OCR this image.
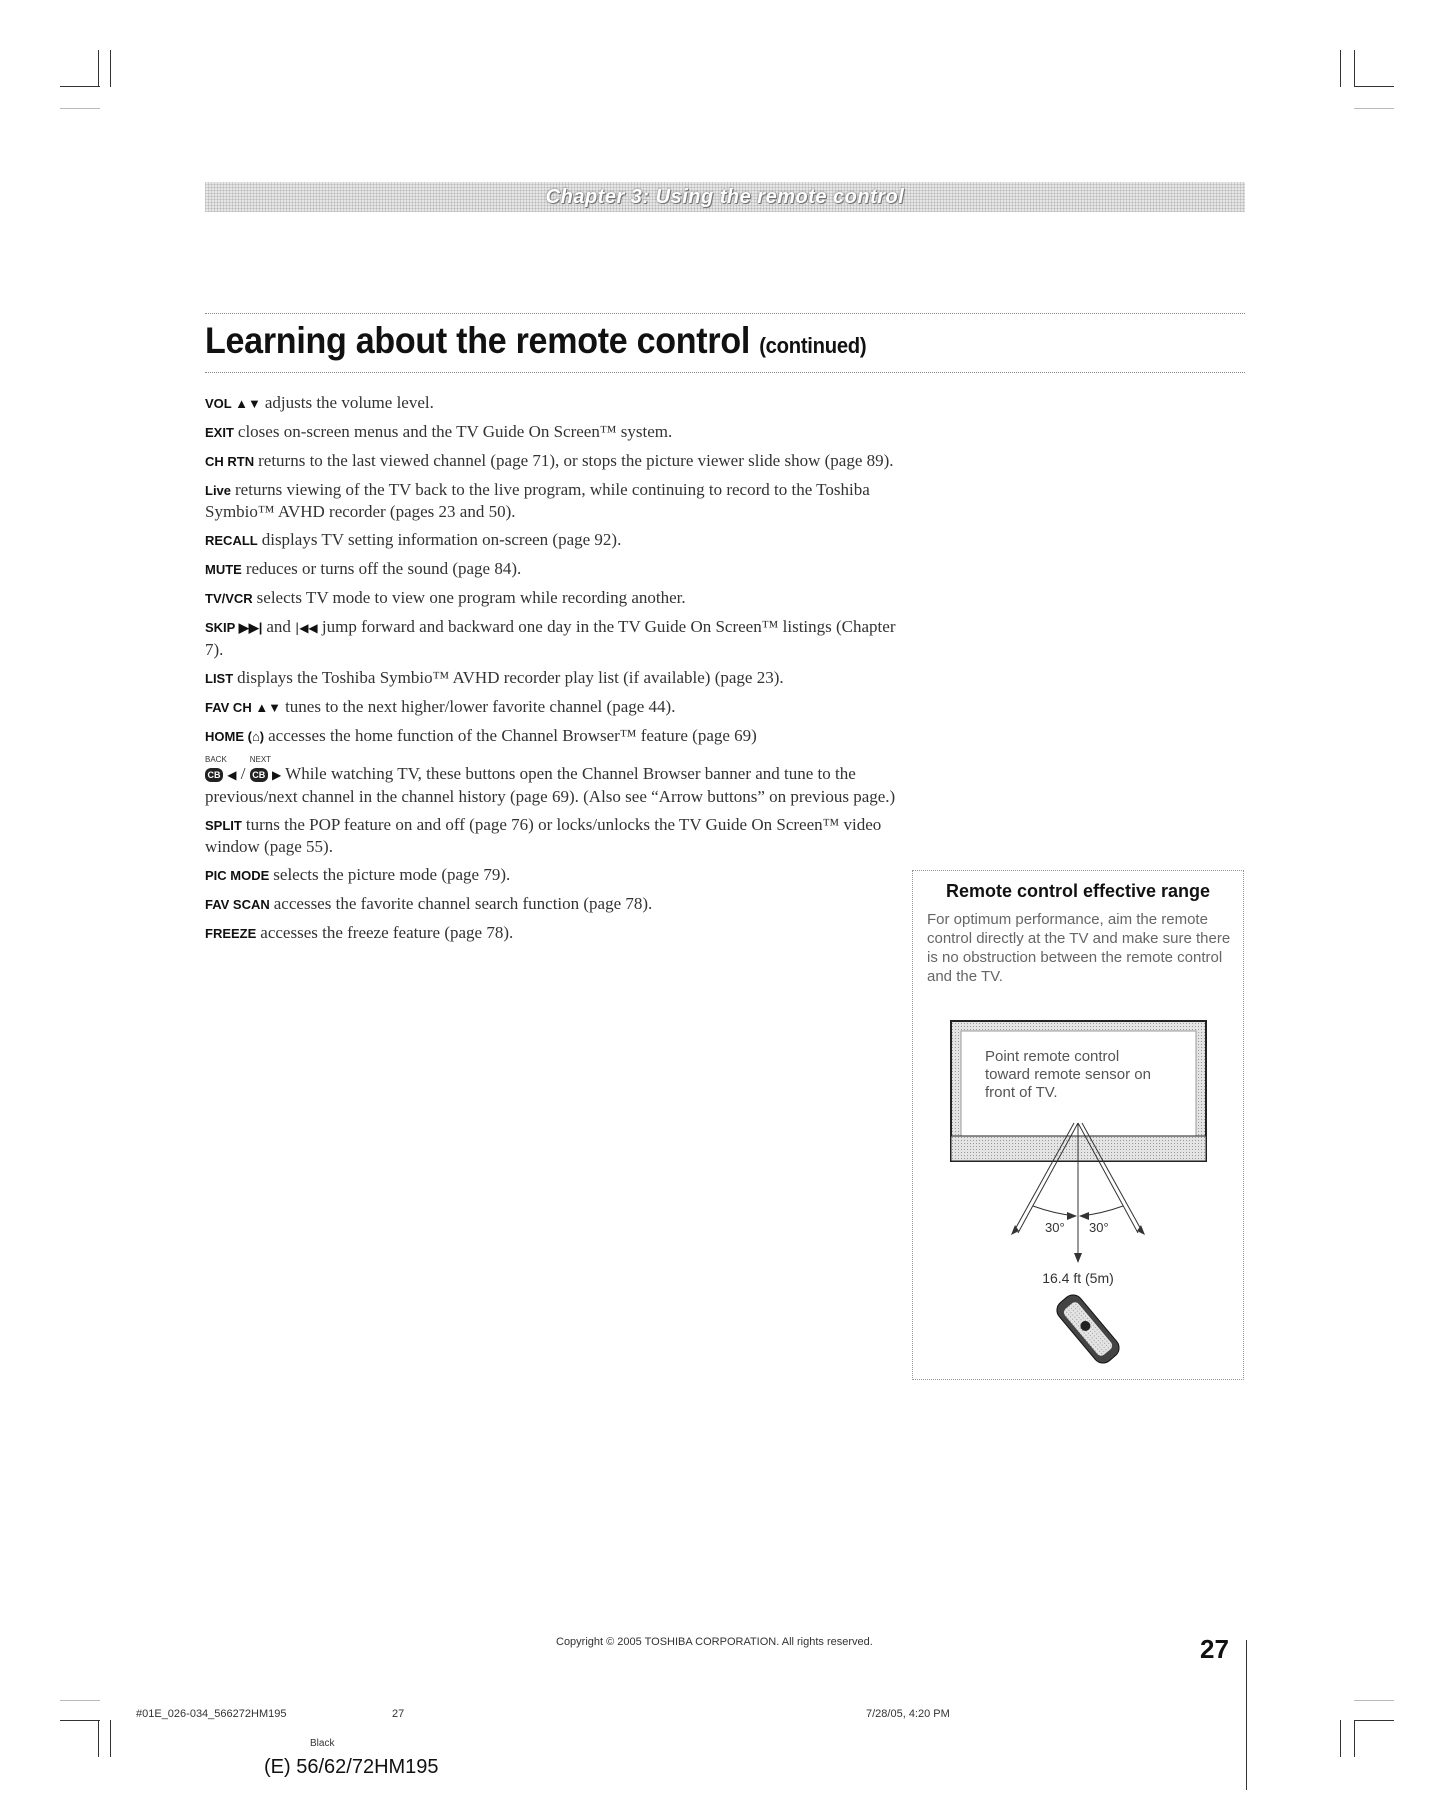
Chapter 3: Using the remote control
Learning about the remote control (continued)

VOL ▲▼ adjusts the volume level.

EXIT closes on-screen menus and the TV Guide On Screen™ system.

CH RTN returns to the last viewed channel (page 71), or stops the picture viewer slide show (page 89).

Live returns viewing of the TV back to the live program, while continuing to record to the Toshiba Symbio™ AVHD recorder (pages 23 and 50).

RECALL displays TV setting information on-screen (page 92).

MUTE reduces or turns off the sound (page 84).

TV/VCR selects TV mode to view one program while recording another.

SKIP ▶▶| and |◀◀ jump forward and backward one day in the TV Guide On Screen™ listings (Chapter 7).

LIST displays the Toshiba Symbio™ AVHD recorder play list (if available) (page 23).

FAV CH ▲▼ tunes to the next higher/lower favorite channel (page 44).

HOME (⌂) accesses the home function of the Channel Browser™ feature (page 69)

BACK
CB ◀ /
NEXT
CB ▶ While watching TV, these buttons open the Channel Browser banner and tune to the previous/next channel in the channel history (page 69). (Also see “Arrow buttons” on previous page.)

SPLIT turns the POP feature on and off (page 76) or locks/unlocks the TV Guide On Screen™ video window (page 55).

PIC MODE selects the picture mode (page 79).

FAV SCAN accesses the favorite channel search function (page 78).

FREEZE accesses the freeze feature (page 78).

Remote control effective range
For optimum performance, aim the remote control directly at the TV and make sure there is no obstruction between the remote control and the TV.
Point remote control
toward remote sensor on
front of TV.
30° 30°
16.4 ft (5m)
Copyright © 2005 TOSHIBA CORPORATION. All rights reserved.	27
#01E_026-034_566272HM195	27	7/28/05, 4:20 PM
Black
(E) 56/62/72HM195
